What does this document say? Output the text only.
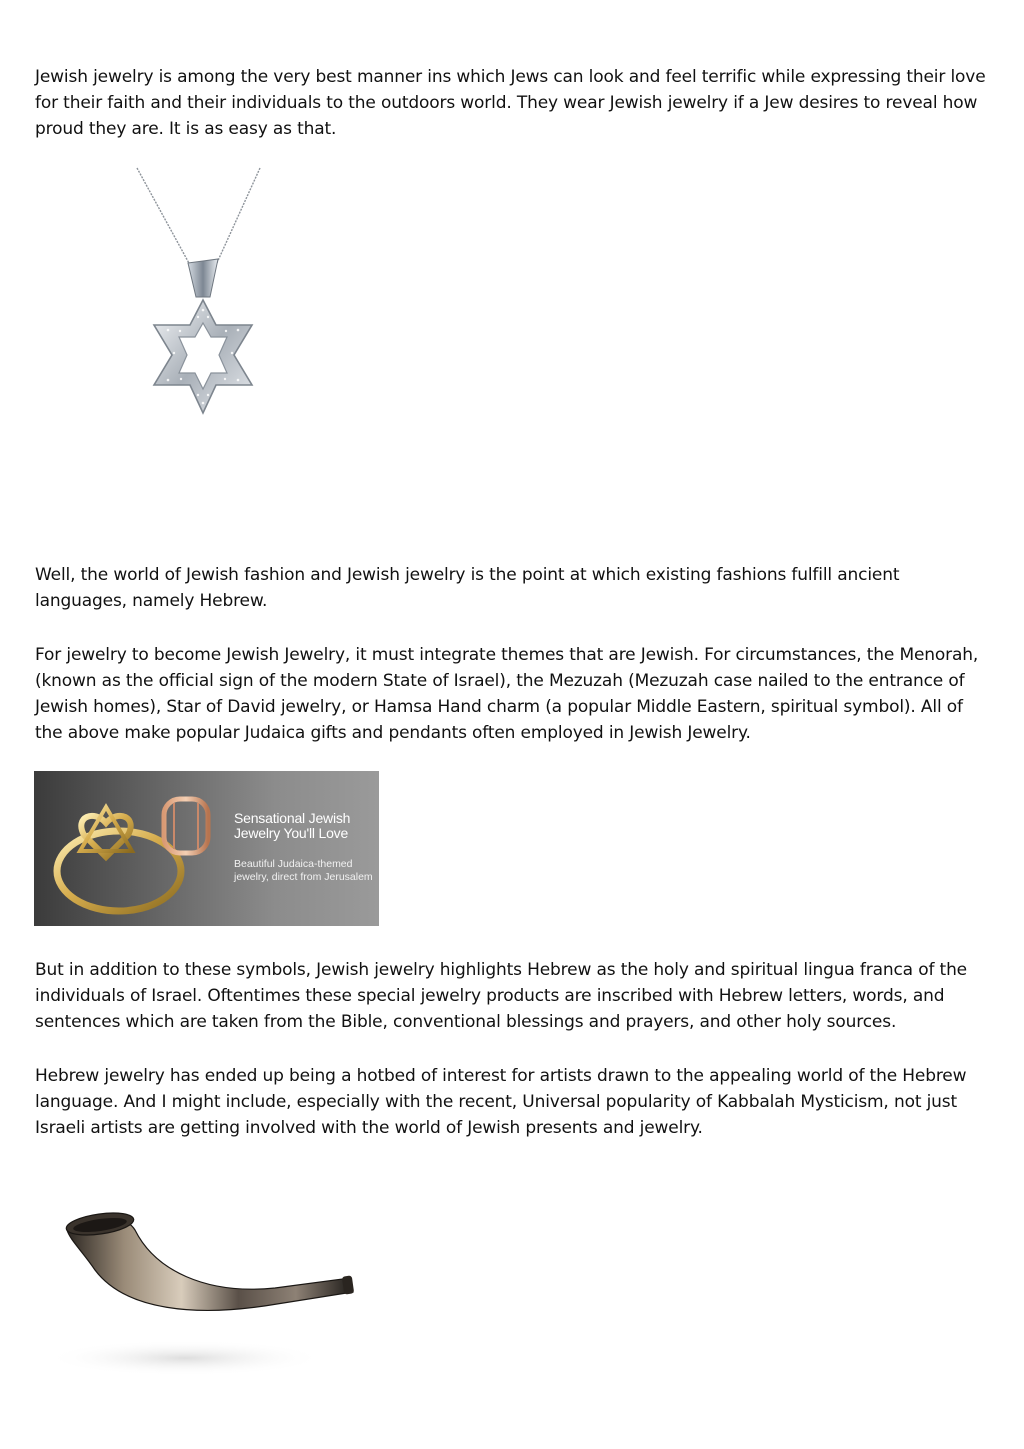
Jewish jewelry is among the very best manner ins which Jews can look and feel terrific while expressing their love for their faith and their individuals to the outdoors world. They wear Jewish jewelry if a Jew desires to reveal how proud they are. It is as easy as that.

Well, the world of Jewish fashion and Jewish jewelry is the point at which existing fashions fulfill ancient languages, namely Hebrew.

For jewelry to become Jewish Jewelry, it must integrate themes that are Jewish. For circumstances, the Menorah, (known as the official sign of the modern State of Israel), the Mezuzah (Mezuzah case nailed to the entrance of Jewish homes), Star of David jewelry, or Hamsa Hand charm (a popular Middle Eastern, spiritual symbol). All of the above make popular Judaica gifts and pendants often employed in Jewish Jewelry.

Sensational Jewish Jewelry You'll Love
Beautiful Judaica-themed jewelry, direct from Jerusalem

But in addition to these symbols, Jewish jewelry highlights Hebrew as the holy and spiritual lingua franca of the individuals of Israel. Oftentimes these special jewelry products are inscribed with Hebrew letters, words, and sentences which are taken from the Bible, conventional blessings and prayers, and other holy sources.

Hebrew jewelry has ended up being a hotbed of interest for artists drawn to the appealing world of the Hebrew language. And I might include, especially with the recent, Universal popularity of Kabbalah Mysticism, not just Israeli artists are getting involved with the world of Jewish presents and jewelry.
